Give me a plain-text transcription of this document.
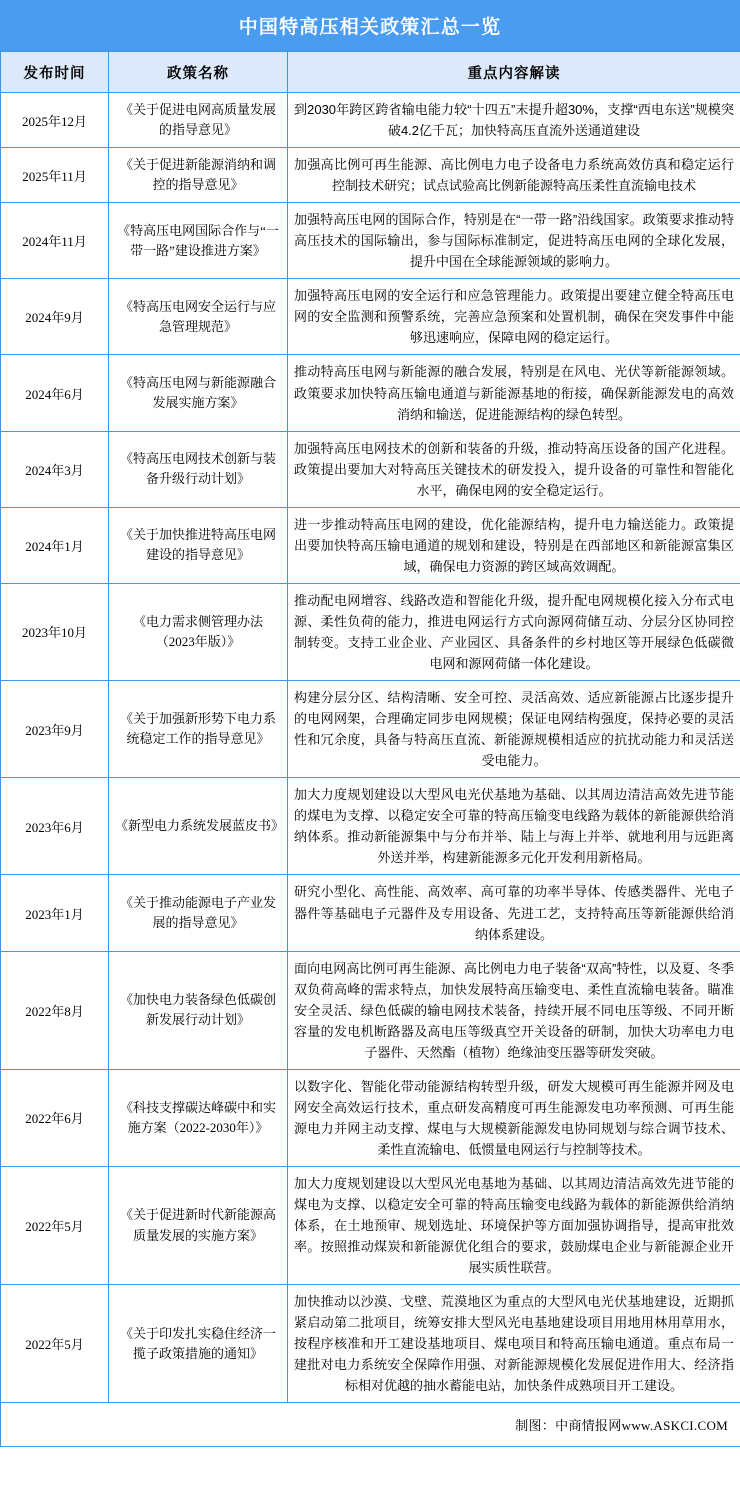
中国特高压相关政策汇总一览
发布时间	政策名称	重点内容解读
2025年12月	《关于促进电网高质量发展的指导意见》	到2030年跨区跨省输电能力较“十四五”末提升超30%，支撑“西电东送”规模突破4.2亿千瓦；加快特高压直流外送通道建设
2025年11月	《关于促进新能源消纳和调控的指导意见》	加强高比例可再生能源、高比例电力电子设备电力系统高效仿真和稳定运行控制技术研究；试点试验高比例新能源特高压柔性直流输电技术
2024年11月	《特高压电网国际合作与“一带一路”建设推进方案》	加强特高压电网的国际合作，特别是在“一带一路”沿线国家。政策要求推动特高压技术的国际输出，参与国际标准制定，促进特高压电网的全球化发展，提升中国在全球能源领域的影响力。
2024年9月	《特高压电网安全运行与应急管理规范》	加强特高压电网的安全运行和应急管理能力。政策提出要建立健全特高压电网的安全监测和预警系统，完善应急预案和处置机制，确保在突发事件中能够迅速响应，保障电网的稳定运行。
2024年6月	《特高压电网与新能源融合发展实施方案》	推动特高压电网与新能源的融合发展，特别是在风电、光伏等新能源领域。政策要求加快特高压输电通道与新能源基地的衔接，确保新能源发电的高效消纳和输送，促进能源结构的绿色转型。
2024年3月	《特高压电网技术创新与装备升级行动计划》	加强特高压电网技术的创新和装备的升级，推动特高压设备的国产化进程。政策提出要加大对特高压关键技术的研发投入，提升设备的可靠性和智能化水平，确保电网的安全稳定运行。
2024年1月	《关于加快推进特高压电网建设的指导意见》	进一步推动特高压电网的建设，优化能源结构，提升电力输送能力。政策提出要加快特高压输电通道的规划和建设，特别是在西部地区和新能源富集区域，确保电力资源的跨区域高效调配。
2023年10月	《电力需求侧管理办法（2023年版）》	推动配电网增容、线路改造和智能化升级，提升配电网规模化接入分布式电源、柔性负荷的能力，推进电网运行方式向源网荷储互动、分层分区协同控制转变。支持工业企业、产业园区、具备条件的乡村地区等开展绿色低碳微电网和源网荷储一体化建设。
2023年9月	《关于加强新形势下电力系统稳定工作的指导意见》	构建分层分区、结构清晰、安全可控、灵活高效、适应新能源占比逐步提升的电网网架，合理确定同步电网规模；保证电网结构强度，保持必要的灵活性和冗余度，具备与特高压直流、新能源规模相适应的抗扰动能力和灵活送受电能力。
2023年6月	《新型电力系统发展蓝皮书》	加大力度规划建设以大型风电光伏基地为基础、以其周边清洁高效先进节能的煤电为支撑、以稳定安全可靠的特高压输变电线路为载体的新能源供给消纳体系。推动新能源集中与分布并举、陆上与海上并举、就地利用与远距离外送并举，构建新能源多元化开发利用新格局。
2023年1月	《关于推动能源电子产业发展的指导意见》	研究小型化、高性能、高效率、高可靠的功率半导体、传感类器件、光电子器件等基础电子元器件及专用设备、先进工艺，支持特高压等新能源供给消纳体系建设。
2022年8月	《加快电力装备绿色低碳创新发展行动计划》	面向电网高比例可再生能源、高比例电力电子装备“双高”特性，以及夏、冬季双负荷高峰的需求特点，加快发展特高压输变电、柔性直流输电装备。瞄准安全灵活、绿色低碳的输电网技术装备，持续开展不同电压等级、不同开断容量的发电机断路器及高电压等级真空开关设备的研制，加快大功率电力电子器件、天然酯（植物）绝缘油变压器等研发突破。
2022年6月	《科技支撑碳达峰碳中和实施方案（2022-2030年）》	以数字化、智能化带动能源结构转型升级，研发大规模可再生能源并网及电网安全高效运行技术，重点研发高精度可再生能源发电功率预测、可再生能源电力并网主动支撑、煤电与大规模新能源发电协同规划与综合调节技术、柔性直流输电、低惯量电网运行与控制等技术。
2022年5月	《关于促进新时代新能源高质量发展的实施方案》	加大力度规划建设以大型风光电基地为基础、以其周边清洁高效先进节能的煤电为支撑、以稳定安全可靠的特高压输变电线路为载体的新能源供给消纳体系，在土地预审、规划选址、环境保护等方面加强协调指导，提高审批效率。按照推动煤炭和新能源优化组合的要求，鼓励煤电企业与新能源企业开展实质性联营。
2022年5月	《关于印发扎实稳住经济一揽子政策措施的通知》	加快推动以沙漠、戈壁、荒漠地区为重点的大型风电光伏基地建设，近期抓紧启动第二批项目，统筹安排大型风光电基地建设项目用地用林用草用水，按程序核准和开工建设基地项目、煤电项目和特高压输电通道。重点布局一建批对电力系统安全保障作用强、对新能源规模化发展促进作用大、经济指标相对优越的抽水蓄能电站，加快条件成熟项目开工建设。
制图：中商情报网www.ASKCI.COM		
